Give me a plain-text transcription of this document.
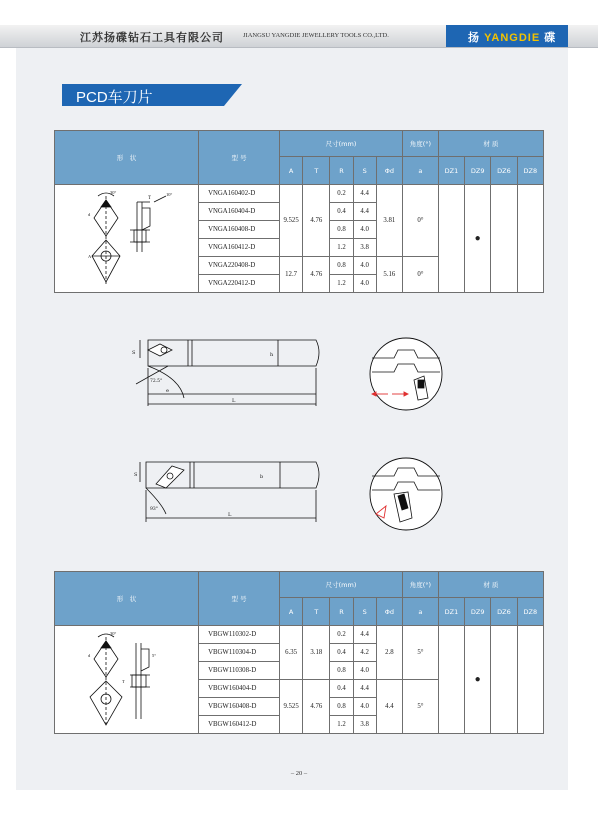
江苏扬碟钻石工具有限公司	JIANGSU YANGDIE JEWELLERY TOOLS CO.,LTD.	扬 YANGDIE 碟
PCD车刀片
形　状	型 号	尺寸(mm)					角度(°)	材 质			
		A	T	R	S	Φd	a	DZ1	DZ9	DZ6	DZ8

30°
T
10°
d
A	VNGA160402-D	9.525	4.76	0.2	4.4	3.81	0°		●		
	VNGA160404-D			0.4	4.4						
	VNGA160408-D			0.8	4.0						
	VNGA160412-D			1.2	3.8						
	VNGA220408-D	12.7	4.76	0.8	4.0	5.16	0°				
	VNGA220412-D			1.2	4.0						
S	h
e
L
72.5°
S	b
L
93°
形　状	型 号	尺寸(mm)					角度(°)	材 质			
		A	T	R	S	Φd	a	DZ1	DZ9	DZ6	DZ8

30°
d
T
5°	VBGW110302-D	6.35	3.18	0.2	4.4	2.8	5°		●		
	VBGW110304-D			0.4	4.2						
	VBGW110308-D			0.8	4.0						
	VBGW160404-D	9.525	4.76	0.4	4.4	4.4	5°				
	VBGW160408-D			0.8	4.0						
	VBGW160412-D			1.2	3.8						
– 20 –
